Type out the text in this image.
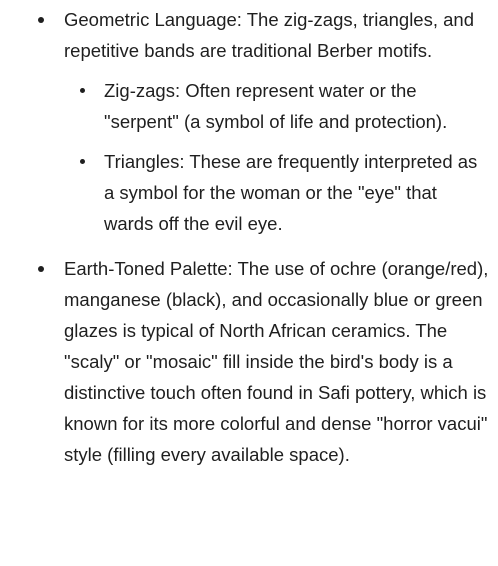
Geometric Language: The zig-zags, triangles, and repetitive bands are traditional Berber motifs.

Zig-zags: Often represent water or the "serpent" (a symbol of life and protection).

Triangles: These are frequently interpreted as a symbol for the woman or the "eye" that wards off the evil eye.

Earth-Toned Palette: The use of ochre (orange/red), manganese (black), and occasionally blue or green glazes is typical of North African ceramics. The "scaly" or "mosaic" fill inside the bird's body is a distinctive touch often found in Safi pottery, which is known for its more colorful and dense "horror vacui" style (filling every available space).
